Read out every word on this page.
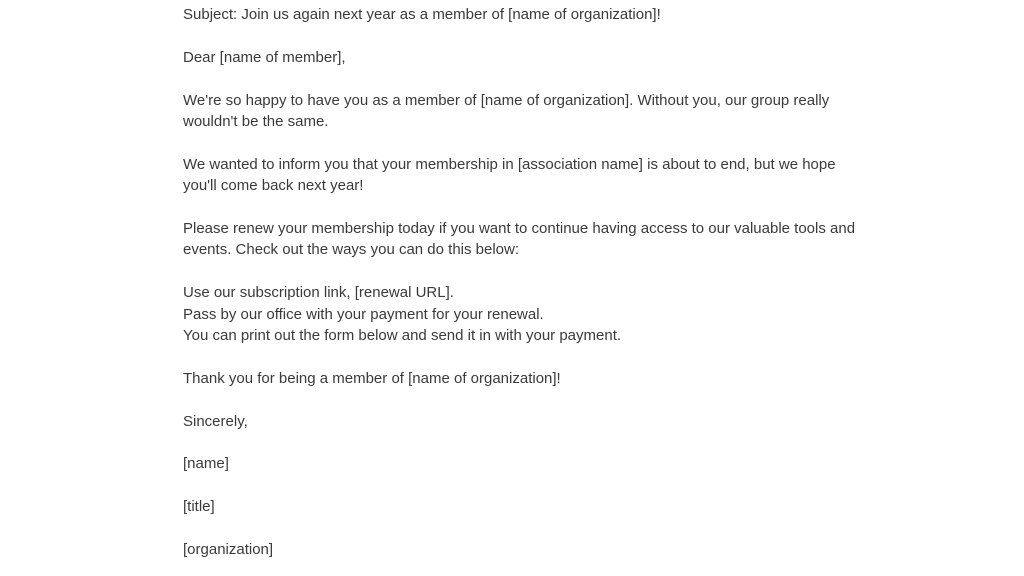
Subject: Join us again next year as a member of [name of organization]!

Dear [name of member],

We're so happy to have you as a member of [name of organization]. Without you, our group really wouldn't be the same.

We wanted to inform you that your membership in [association name] is about to end, but we hope you'll come back next year!

Please renew your membership today if you want to continue having access to our valuable tools and events. Check out the ways you can do this below:

Use our subscription link, [renewal URL].
Pass by our office with your payment for your renewal.
You can print out the form below and send it in with your payment.

Thank you for being a member of [name of organization]!

Sincerely,

[name]

[title]

[organization]
